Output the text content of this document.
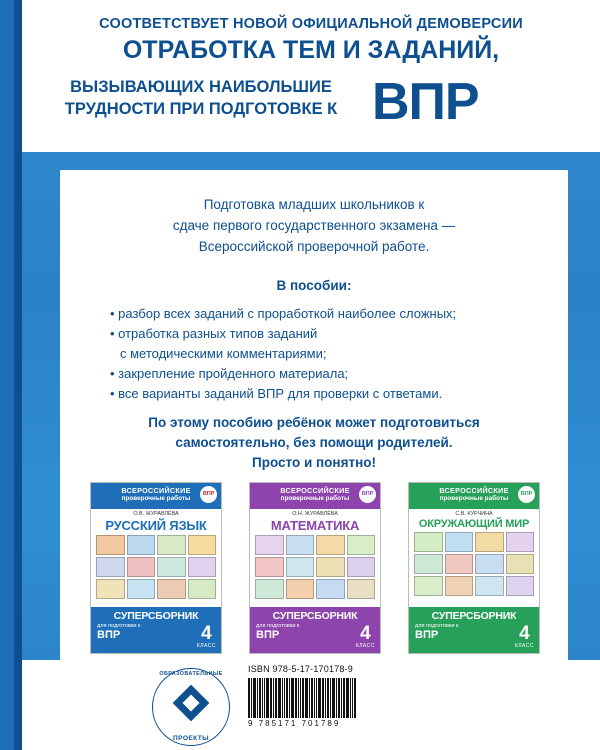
СООТВЕТСТВУЕТ НОВОЙ ОФИЦИАЛЬНОЙ ДЕМОВЕРСИИ
ОТРАБОТКА ТЕМ И ЗАДАНИЙ,
ВЫЗЫВАЮЩИХ НАИБОЛЬШИЕ
ТРУДНОСТИ ПРИ ПОДГОТОВКЕ К ВПР
Подготовка младших школьников к
сдаче первого государственного экзамена —
Всероссийской проверочной работе.
В пособии:
• разбор всех заданий с проработкой наиболее сложных;
• отработка разных типов заданий
с методическими комментариями;
• закрепление пройденного материала;
• все варианты заданий ВПР для проверки с ответами.
По этому пособию ребёнок может подготовиться
самостоятельно, без помощи родителей.
Просто и понятно!
ВСЕРОССИЙСКИЕ
проверочные работы
ВПР
О.В. ЖУРАВЛЁВА
РУССКИЙ ЯЗЫК
СУПЕРСБОРНИК
для подготовки к
ВПР	4
КЛАСС
ВСЕРОССИЙСКИЕ
проверочные работы
ВПР
О.Н. ЖУРАВЛЁВА
МАТЕМАТИКА
СУПЕРСБОРНИК
для подготовки к
ВПР	4
КЛАСС
ВСЕРОССИЙСКИЕ
проверочные работы
ВПР
С.В. КУРЧИНА
ОКРУЖАЮЩИЙ МИР
СУПЕРСБОРНИК
для подготовки к
ВПР	4
КЛАСС
ОБРАЗОВАТЕЛЬНЫЕ
ПРОЕКТЫ
ISBN 978-5-17-170178-9
9 785171 701789
